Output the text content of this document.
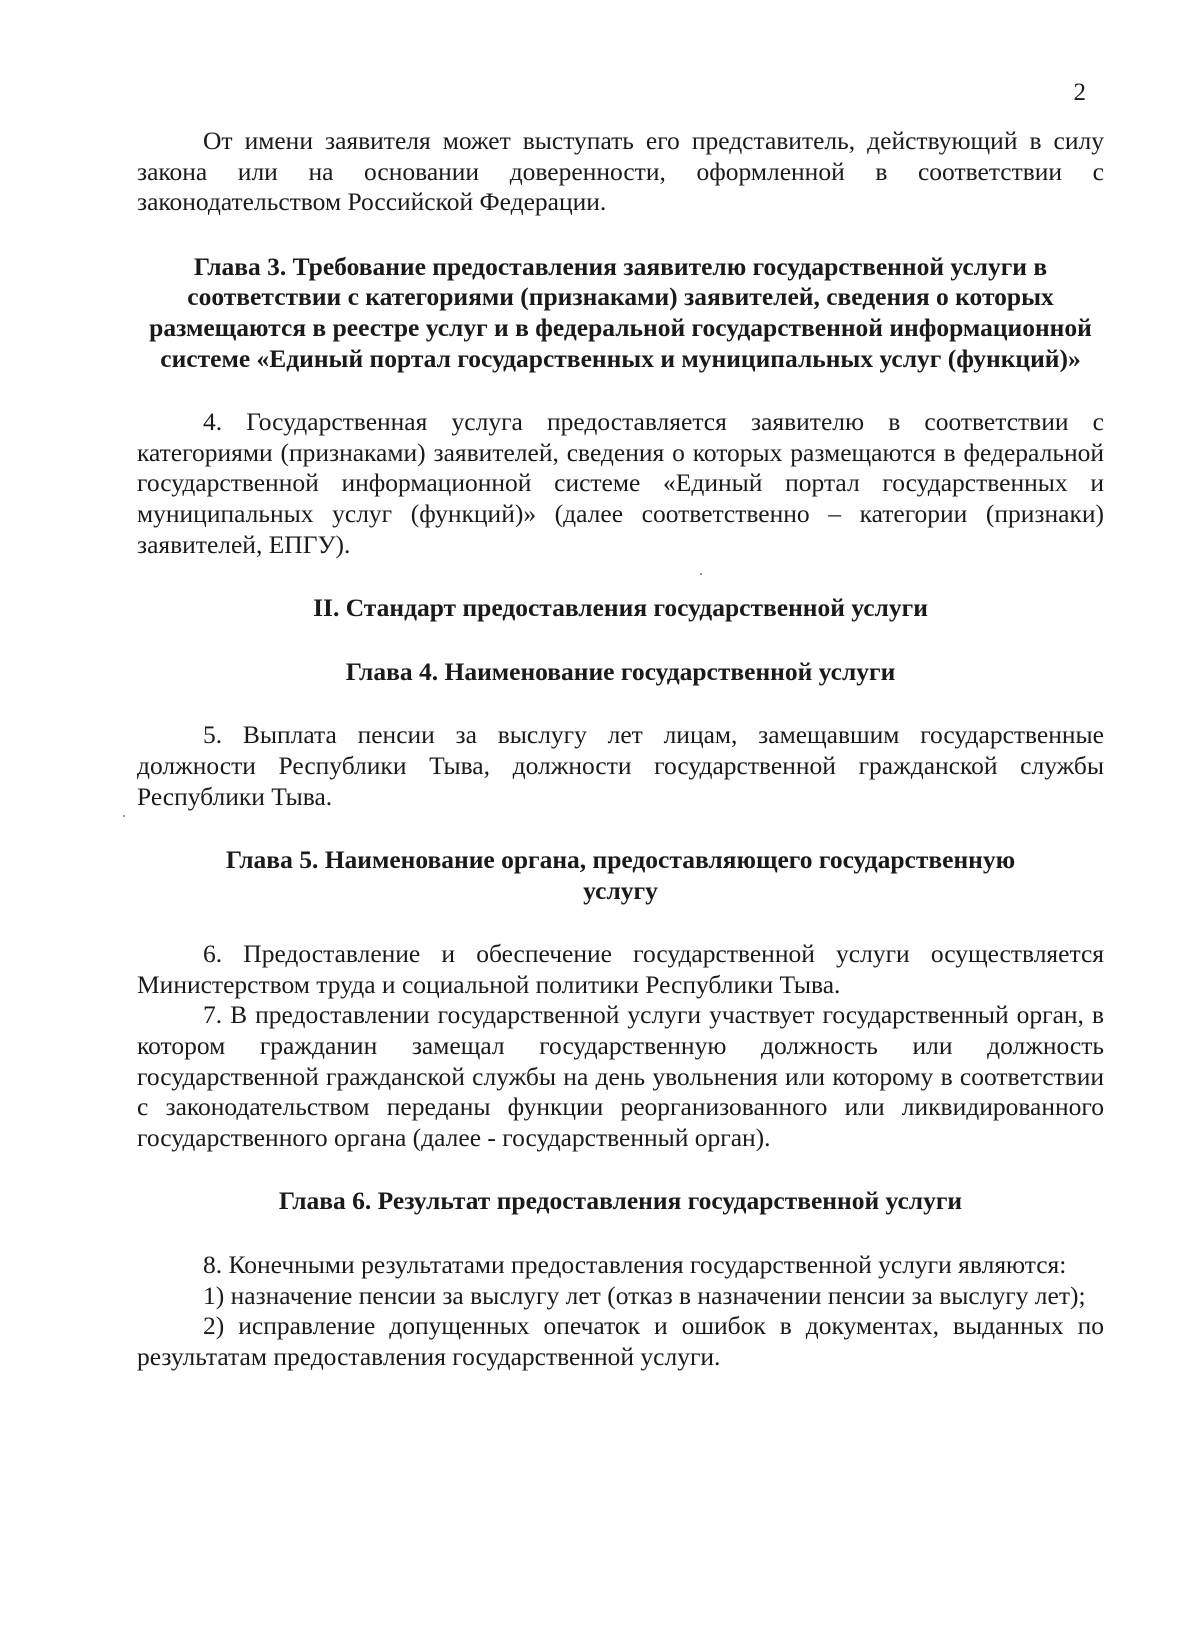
2

От имени заявителя может выступать его представитель, действующий в силу закона или на основании доверенности, оформленной в соответствии с законодательством Российской Федерации.

Глава 3. Требование предоставления заявителю государственной услуги в соответствии с категориями (признаками) заявителей, сведения о которых размещаются в реестре услуг и в федеральной государственной информационной системе «Единый портал государственных и муниципальных услуг (функций)»

4. Государственная услуга предоставляется заявителю в соответствии с категориями (признаками) заявителей, сведения о которых размещаются в федеральной государственной информационной системе «Единый портал государственных и муниципальных услуг (функций)» (далее соответственно – категории (признаки) заявителей, ЕПГУ).

II. Стандарт предоставления государственной услуги
Глава 4. Наименование государственной услуги

5. Выплата пенсии за выслугу лет лицам, замещавшим государственные должности Республики Тыва, должности государственной гражданской службы Республики Тыва.

Глава 5. Наименование органа, предоставляющего государственную услугу

6. Предоставление и обеспечение государственной услуги осуществляется Министерством труда и социальной политики Республики Тыва.

7. В предоставлении государственной услуги участвует государственный орган, в котором гражданин замещал государственную должность или должность государственной гражданской службы на день увольнения или которому в соответствии с законодательством переданы функции реорганизованного или ликвидированного государственного органа (далее - государственный орган).

Глава 6. Результат предоставления государственной услуги

8. Конечными результатами предоставления государственной услуги являются:

1) назначение пенсии за выслугу лет (отказ в назначении пенсии за выслугу лет);

2) исправление допущенных опечаток и ошибок в документах, выданных по результатам предоставления государственной услуги.
